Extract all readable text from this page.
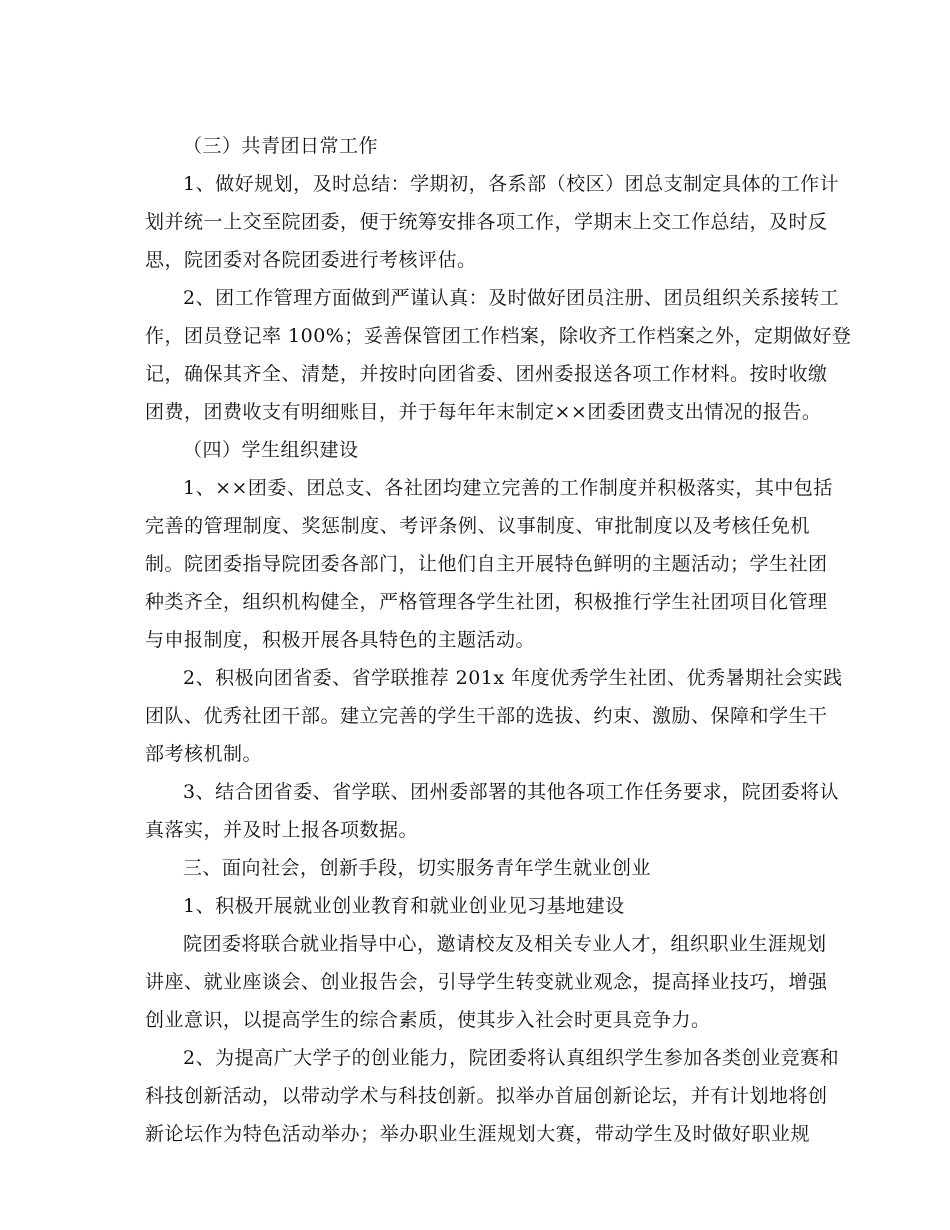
（三）共青团日常工作
1、做好规划，及时总结：学期初，各系部（校区）团总支制定具体的工作计
划并统一上交至院团委，便于统筹安排各项工作，学期末上交工作总结，及时反
思，院团委对各院团委进行考核评估。
2、团工作管理方面做到严谨认真：及时做好团员注册、团员组织关系接转工
作，团员登记率 100%；妥善保管团工作档案，除收齐工作档案之外，定期做好登
记，确保其齐全、清楚，并按时向团省委、团州委报送各项工作材料。按时收缴
团费，团费收支有明细账目，并于每年年末制定××团委团费支出情况的报告。
（四）学生组织建设
1、××团委、团总支、各社团均建立完善的工作制度并积极落实，其中包括
完善的管理制度、奖惩制度、考评条例、议事制度、审批制度以及考核任免机
制。院团委指导院团委各部门，让他们自主开展特色鲜明的主题活动；学生社团
种类齐全，组织机构健全，严格管理各学生社团，积极推行学生社团项目化管理
与申报制度，积极开展各具特色的主题活动。
2、积极向团省委、省学联推荐 201x 年度优秀学生社团、优秀暑期社会实践
团队、优秀社团干部。建立完善的学生干部的选拔、约束、激励、保障和学生干
部考核机制。
3、结合团省委、省学联、团州委部署的其他各项工作任务要求，院团委将认
真落实，并及时上报各项数据。
三、面向社会，创新手段，切实服务青年学生就业创业
1、积极开展就业创业教育和就业创业见习基地建设
院团委将联合就业指导中心，邀请校友及相关专业人才，组织职业生涯规划
讲座、就业座谈会、创业报告会，引导学生转变就业观念，提高择业技巧，增强
创业意识，以提高学生的综合素质，使其步入社会时更具竞争力。
2、为提高广大学子的创业能力，院团委将认真组织学生参加各类创业竞赛和
科技创新活动，以带动学术与科技创新。拟举办首届创新论坛，并有计划地将创
新论坛作为特色活动举办；举办职业生涯规划大赛，带动学生及时做好职业规
